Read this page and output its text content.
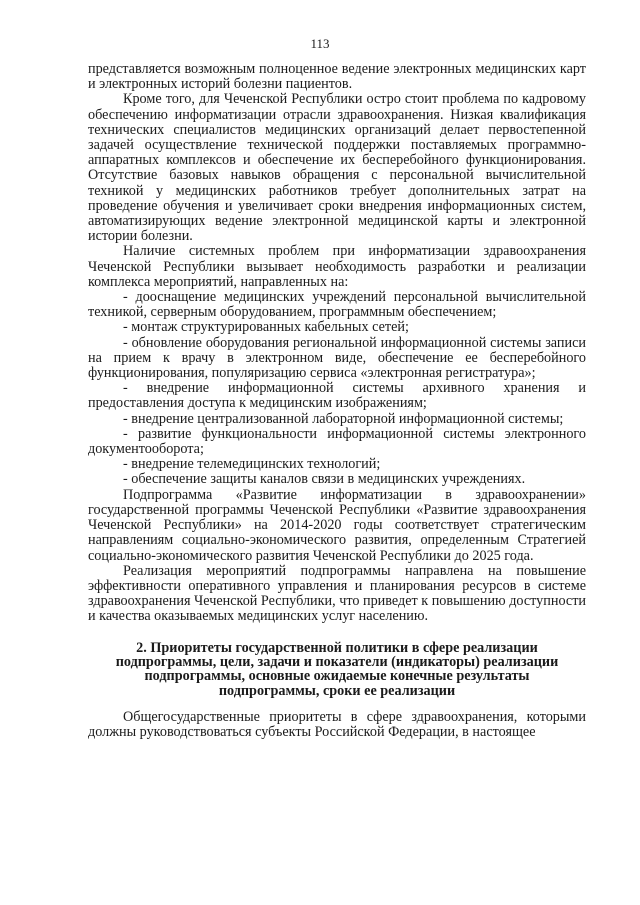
113

представляется возможным полноценное ведение электронных медицинских карт и электронных историй болезни пациентов.

Кроме того, для Чеченской Республики остро стоит проблема по кадровому обеспечению информатизации отрасли здравоохранения. Низкая квалификация технических специалистов медицинских организаций делает первостепенной задачей осуществление технической поддержки поставляемых программно-аппаратных комплексов и обеспечение их бесперебойного функционирования. Отсутствие базовых навыков обращения с персональной вычислительной техникой у медицинских работников требует дополнительных затрат на проведение обучения и увеличивает сроки внедрения информационных систем, автоматизирующих ведение электронной медицинской карты и электронной истории болезни.

Наличие системных проблем при информатизации здравоохранения Чеченской Республики вызывает необходимость разработки и реализации комплекса мероприятий, направленных на:

- дооснащение медицинских учреждений персональной вычислительной техникой, серверным оборудованием, программным обеспечением;

- монтаж структурированных кабельных сетей;

- обновление оборудования региональной информационной системы записи на прием к врачу в электронном виде, обеспечение ее бесперебойного функционирования, популяризацию сервиса «электронная регистратура»;

- внедрение информационной системы архивного хранения и предоставления доступа к медицинским изображениям;

- внедрение централизованной лабораторной информационной системы;

- развитие функциональности информационной системы электронного документооборота;

- внедрение телемедицинских технологий;

- обеспечение защиты каналов связи в медицинских учреждениях.

Подпрограмма «Развитие информатизации в здравоохранении» государственной программы Чеченской Республики «Развитие здравоохранения Чеченской Республики» на 2014-2020 годы соответствует стратегическим направлениям социально-экономического развития, определенным Стратегией социально-экономического развития Чеченской Республики до 2025 года.

Реализация мероприятий подпрограммы направлена на повышение эффективности оперативного управления и планирования ресурсов в системе здравоохранения Чеченской Республики, что приведет к повышению доступности и качества оказываемых медицинских услуг населению.

2. Приоритеты государственной политики в сфере реализации
подпрограммы, цели, задачи и показатели (индикаторы) реализации
подпрограммы, основные ожидаемые конечные результаты
подпрограммы, сроки ее реализации

Общегосударственные приоритеты в сфере здравоохранения, которыми должны руководствоваться субъекты Российской Федерации, в настоящее
